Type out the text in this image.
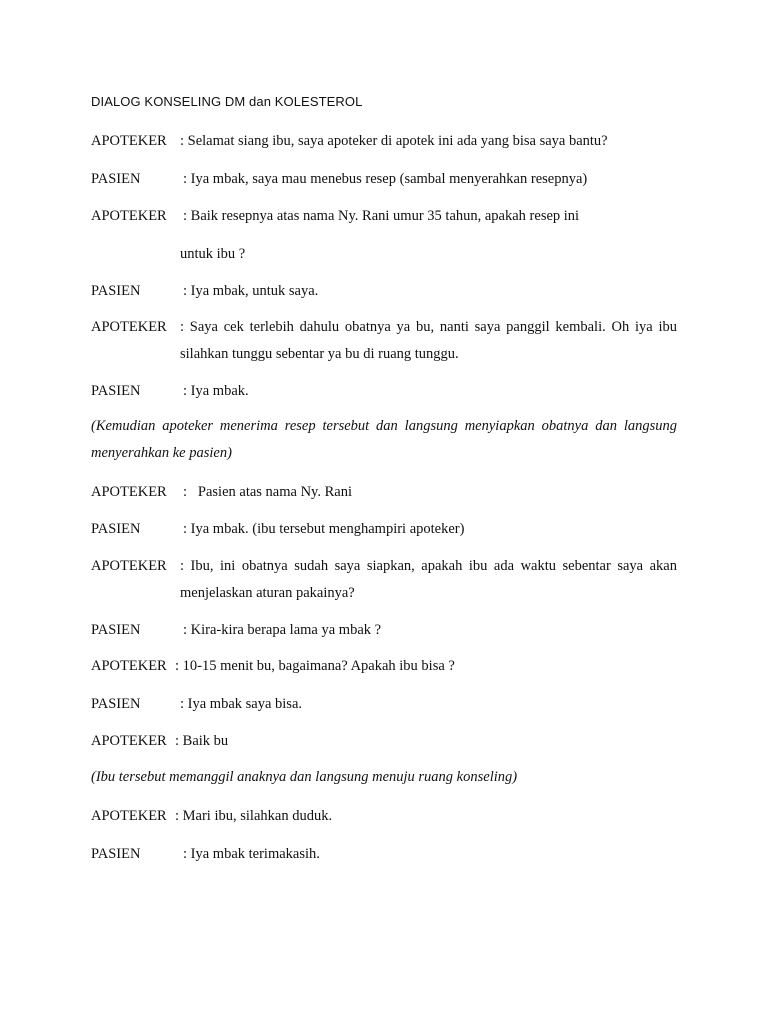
DIALOG KONSELING DM dan KOLESTEROL
APOTEKER : Selamat siang ibu, saya apoteker di apotek ini ada yang bisa saya bantu?
PASIEN	: Iya mbak, saya mau menebus resep (sambal menyerahkan resepnya)
APOTEKER : Baik resepnya atas nama Ny. Rani umur 35 tahun, apakah resep ini
untuk ibu ?
PASIEN	: Iya mbak, untuk saya.
APOTEKER : Saya cek terlebih dahulu obatnya ya bu, nanti saya panggil kembali. Oh iya ibu
silahkan tunggu sebentar ya bu di ruang tunggu.
PASIEN	: Iya mbak.
(Kemudian apoteker menerima resep tersebut dan langsung menyiapkan obatnya dan langsung menyerahkan ke pasien)
APOTEKER :   Pasien atas nama Ny. Rani
PASIEN	: Iya mbak. (ibu tersebut menghampiri apoteker)
APOTEKER : Ibu, ini obatnya sudah saya siapkan, apakah ibu ada waktu sebentar saya akan
menjelaskan aturan pakainya?
PASIEN	: Kira-kira berapa lama ya mbak ?
APOTEKER : 10-15 menit bu, bagaimana? Apakah ibu bisa ?
PASIEN	: Iya mbak saya bisa.
APOTEKER : Baik bu
(Ibu tersebut memanggil anaknya dan langsung menuju ruang konseling)
APOTEKER : Mari ibu, silahkan duduk.
PASIEN	: Iya mbak terimakasih.
